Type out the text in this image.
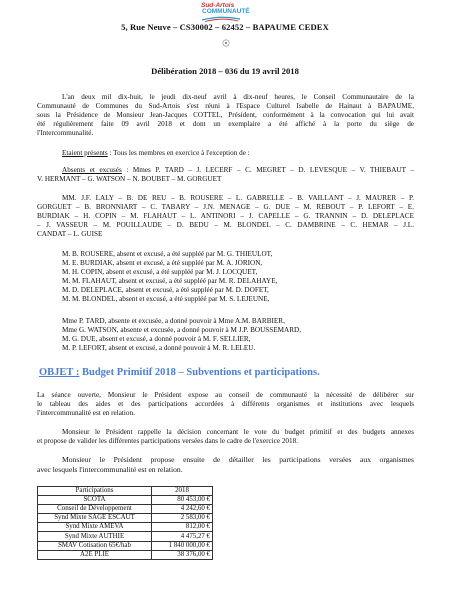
Sud-Artois
COMMUNAUTÉ
5, Rue Neuve – CS30002 – 62452 – BAPAUME CEDEX
Délibération 2018 – 036 du 19 avril 2018
L'an deux mil dix-huit, le jeudi dix-neuf avril à dix-neuf heures, le Conseil Communautaire de la
Communauté de Communes du Sud-Artois s'est réuni à l'Espace Culturel Isabelle de Hainaut à BAPAUME,
sous la Présidence de Monsieur Jean-Jacques COTTEL, Président, conformément à la convocation qui lui avait
été régulièrement faite 09 avril 2018 et dont un exemplaire a été affiché à la porte du siège de
l'Intercommunalité.
Etaient présents : Tous les membres en exercice à l'exception de :
Absents et excusés : Mmes P. TARD – J. LECERF – C. MEGRET – D. LEVESQUE – V. THIEBAUT –
V. HERMANT – G. WATSON – N. BOUBET – M. GORGUET
MM. J.F. LALY – B. DE REU – B. ROUSERE – L. GABRELLE – B. VAILLANT – J. MAURER – P.
GORGUET – B. BRONNIART – C. TABARY – J.N. MENAGE – G. DUE – M. REBOUT – P. LEFORT – E.
BURDIAK – H. COPIN – M. FLAHAUT – L. ANTINORI – J. CAPELLE – G. TRANNIN – D. DELEPLACE
– J. VASSEUR – M. POUILLAUDE – D. BEDU – M. BLONDEL – C. DAMBRINE – C. HEMAR – J.L.
CANDAT – L. GUISE
M. B. ROUSERE, absent et excusé, a été suppléé par M. G. THIEULOT,
M. E. BURDIAK, absent et excusé, a été suppléé par M. A. JORION,
M. H. COPIN, absent et excusé, a été suppléé par M. J. LOCQUET,
M. M. FLAHAUT, absent et excusé, a été suppléé par M. R. DELAHAYE,
M. D. DELEPLACE, absent et excusé, a été suppléé par M. D. DOFET,
M. M. BLONDEL, absent et excusé, a été suppléé par M. S. LEJEUNE,
Mme P. TARD, absente et excusée, a donné pouvoir à Mme A.M. BARBIER,
Mme G. WATSON, absente et excusée, a donné pouvoir à M J.P. BOUSSEMARD,
M. G. DUE, absent et excusé, a donné pouvoir à M. F. SELLIER,
M. P. LEFORT, absent et excusé, a donné pouvoir à M. R. LELEU.
OBJET : Budget Primitif 2018 – Subventions et participations.
La séance ouverte, Monsieur le Président expose au conseil de communauté la nécessité de délibérer sur
le tableau des aides et des participations accordées à différents organismes et institutions avec lesquels
l'intercommunalité est en relation.
Monsieur le Président rappelle la décision concernant le vote du budget primitif et des budgets annexes
et propose de valider les différentes participations versées dans le cadre de l'exercice 2018.
Monsieur le Président propose ensuite de détailler les participations versées aux organismes
avec lesquels l'intercommunalité est en relation.
Participations	2018
SCOTA	80 453,00 €
Conseil de Développement	4 242,60 €
Synd Mixte SAGE ESCAUT	2 583,00 €
Synd Mixte AMEVA	812,00 €
Synd Mixte AUTHIE	4 475,27 €
SMAV Cotisation 65€/hab	1 840 000,00 €
A2E PLIE	38 376,00 €
